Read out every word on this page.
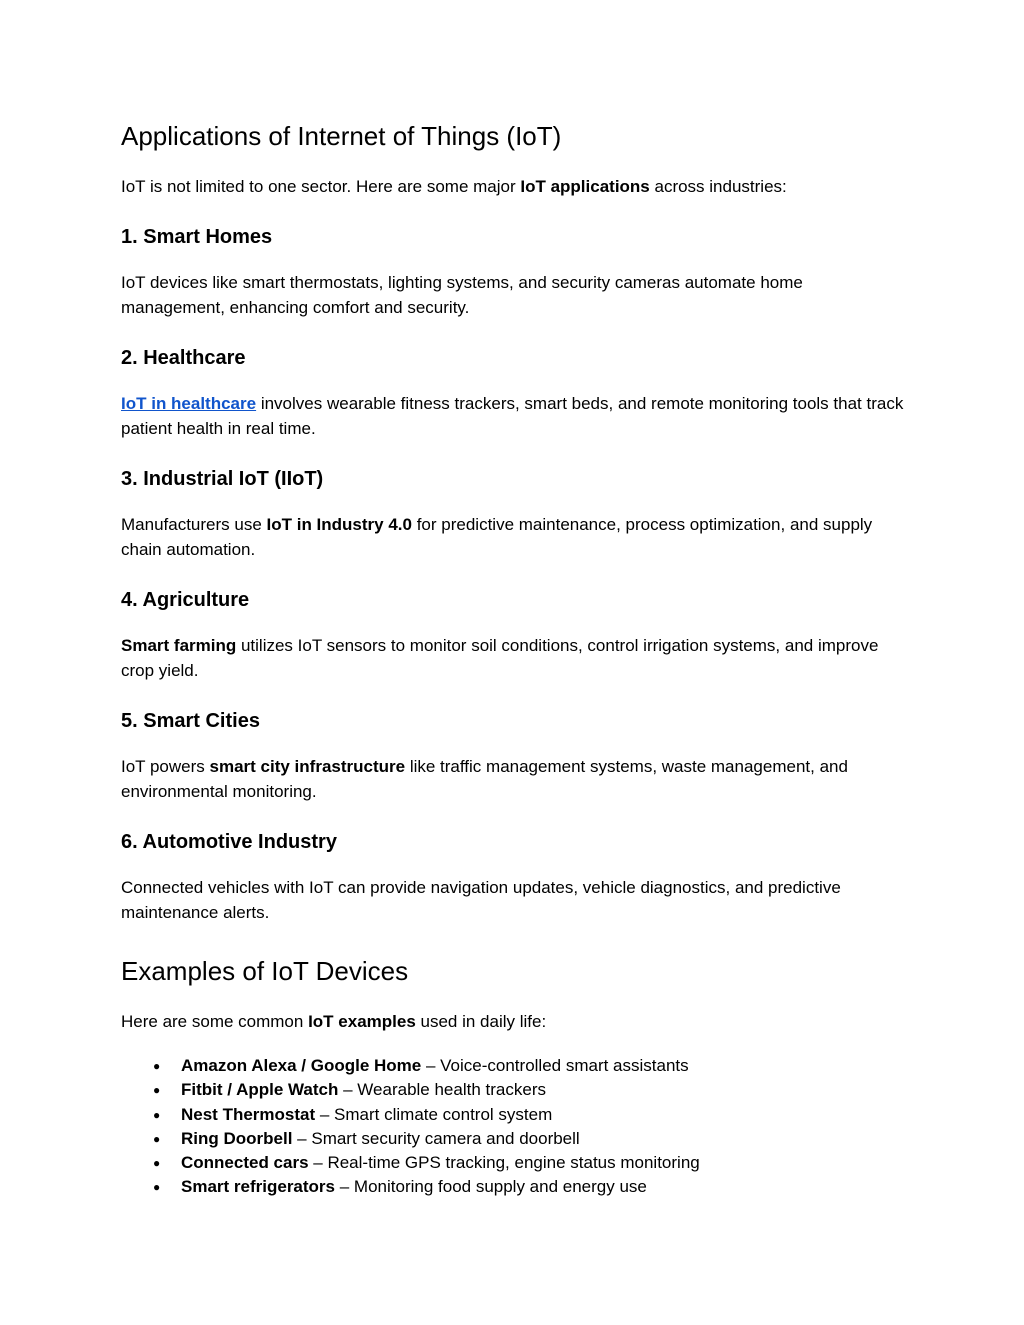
Applications of Internet of Things (IoT)

IoT is not limited to one sector. Here are some major IoT applications across industries:

1. Smart Homes

IoT devices like smart thermostats, lighting systems, and security cameras automate home management, enhancing comfort and security.

2. Healthcare

IoT in healthcare involves wearable fitness trackers, smart beds, and remote monitoring tools that track patient health in real time.

3. Industrial IoT (IIoT)

Manufacturers use IoT in Industry 4.0 for predictive maintenance, process optimization, and supply chain automation.

4. Agriculture

Smart farming utilizes IoT sensors to monitor soil conditions, control irrigation systems, and improve crop yield.

5. Smart Cities

IoT powers smart city infrastructure like traffic management systems, waste management, and environmental monitoring.

6. Automotive Industry

Connected vehicles with IoT can provide navigation updates, vehicle diagnostics, and predictive maintenance alerts.

Examples of IoT Devices

Here are some common IoT examples used in daily life:

● Amazon Alexa / Google Home – Voice-controlled smart assistants
● Fitbit / Apple Watch – Wearable health trackers
● Nest Thermostat – Smart climate control system
● Ring Doorbell – Smart security camera and doorbell
● Connected cars – Real-time GPS tracking, engine status monitoring
● Smart refrigerators – Monitoring food supply and energy use
